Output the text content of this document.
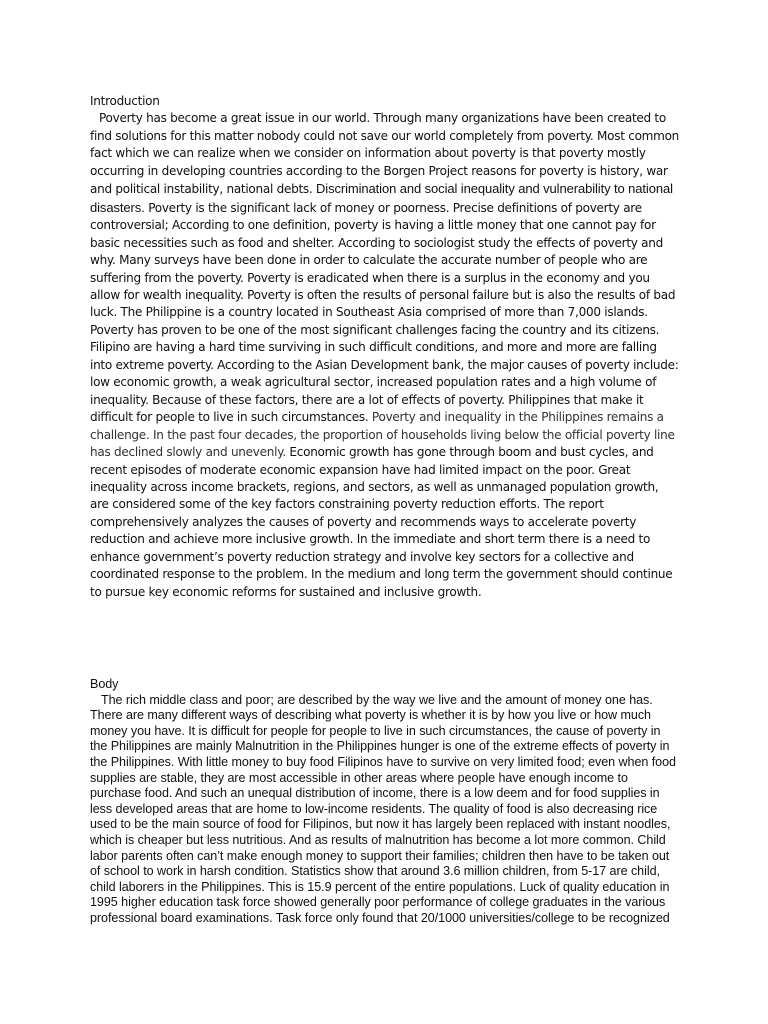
Introduction
Poverty has become a great issue in our world. Through many organizations have been created to find solutions for this matter nobody could not save our world completely from poverty. Most common fact which we can realize when we consider on information about poverty is that poverty mostly occurring in developing countries according to the Borgen Project reasons for poverty is history, war and political instability, national debts. Discrimination and social inequality and vulnerability to national disasters. Poverty is the significant lack of money or poorness. Precise definitions of poverty are controversial; According to one definition, poverty is having a little money that one cannot pay for basic necessities such as food and shelter. According to sociologist study the effects of poverty and why. Many surveys have been done in order to calculate the accurate number of people who are suffering from the poverty. Poverty is eradicated when there is a surplus in the economy and you allow for wealth inequality. Poverty is often the results of personal failure but is also the results of bad luck. The Philippine is a country located in Southeast Asia comprised of more than 7,000 islands. Poverty has proven to be one of the most significant challenges facing the country and its citizens. Filipino are having a hard time surviving in such difficult conditions, and more and more are falling into extreme poverty. According to the Asian Development bank, the major causes of poverty include: low economic growth, a weak agricultural sector, increased population rates and a high volume of inequality. Because of these factors, there are a lot of effects of poverty. Philippines that make it difficult for people to live in such circumstances. Poverty and inequality in the Philippines remains a challenge. In the past four decades, the proportion of households living below the official poverty line has declined slowly and unevenly. Economic growth has gone through boom and bust cycles, and recent episodes of moderate economic expansion have had limited impact on the poor. Great inequality across income brackets, regions, and sectors, as well as unmanaged population growth, are considered some of the key factors constraining poverty reduction efforts. The report comprehensively analyzes the causes of poverty and recommends ways to accelerate poverty reduction and achieve more inclusive growth. In the immediate and short term there is a need to enhance government’s poverty reduction strategy and involve key sectors for a collective and coordinated response to the problem. In the medium and long term the government should continue to pursue key economic reforms for sustained and inclusive growth.
Body
The rich middle class and poor; are described by the way we live and the amount of money one has. There are many different ways of describing what poverty is whether it is by how you live or how much money you have. It is difficult for people for people to live in such circumstances, the cause of poverty in the Philippines are mainly Malnutrition in the Philippines hunger is one of the extreme effects of poverty in the Philippines. With little money to buy food Filipinos have to survive on very limited food; even when food supplies are stable, they are most accessible in other areas where people have enough income to purchase food. And such an unequal distribution of income, there is a low deem and for food supplies in less developed areas that are home to low-income residents. The quality of food is also decreasing rice used to be the main source of food for Filipinos, but now it has largely been replaced with instant noodles, which is cheaper but less nutritious. And as results of malnutrition has become a lot more common. Child labor parents often can’t make enough money to support their families; children then have to be taken out of school to work in harsh condition. Statistics show that around 3.6 million children, from 5-17 are child, child laborers in the Philippines. This is 15.9 percent of the entire populations. Luck of quality education in 1995 higher education task force showed generally poor performance of college graduates in the various professional board examinations. Task force only found that 20/1000 universities/college to be recognized
